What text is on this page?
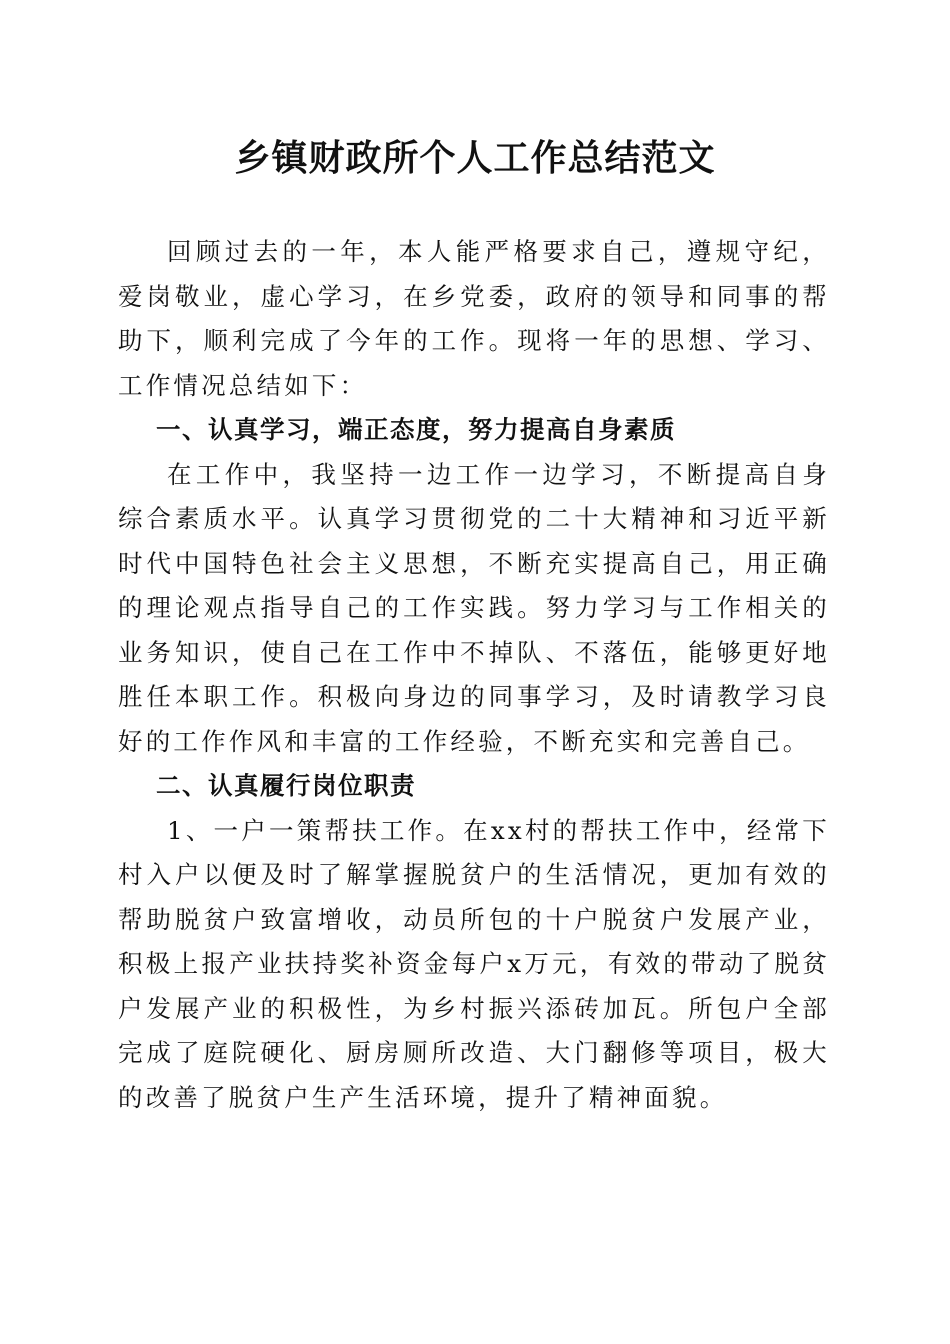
乡镇财政所个人工作总结范文

回顾过去的一年，本人能严格要求自己，遵规守纪，爱岗敬业，虚心学习，在乡党委，政府的领导和同事的帮助下，顺利完成了今年的工作。现将一年的思想、学习、工作情况总结如下：

一、认真学习，端正态度，努力提高自身素质

在工作中，我坚持一边工作一边学习，不断提高自身综合素质水平。认真学习贯彻党的二十大精神和习近平新时代中国特色社会主义思想，不断充实提高自己，用正确的理论观点指导自己的工作实践。努力学习与工作相关的业务知识，使自己在工作中不掉队、不落伍，能够更好地胜任本职工作。积极向身边的同事学习，及时请教学习良好的工作作风和丰富的工作经验，不断充实和完善自己。

二、认真履行岗位职责

1、一户一策帮扶工作。在xx村的帮扶工作中，经常下村入户以便及时了解掌握脱贫户的生活情况，更加有效的帮助脱贫户致富增收，动员所包的十户脱贫户发展产业，积极上报产业扶持奖补资金每户x万元，有效的带动了脱贫户发展产业的积极性，为乡村振兴添砖加瓦。所包户全部完成了庭院硬化、厨房厕所改造、大门翻修等项目，极大的改善了脱贫户生产生活环境，提升了精神面貌。
